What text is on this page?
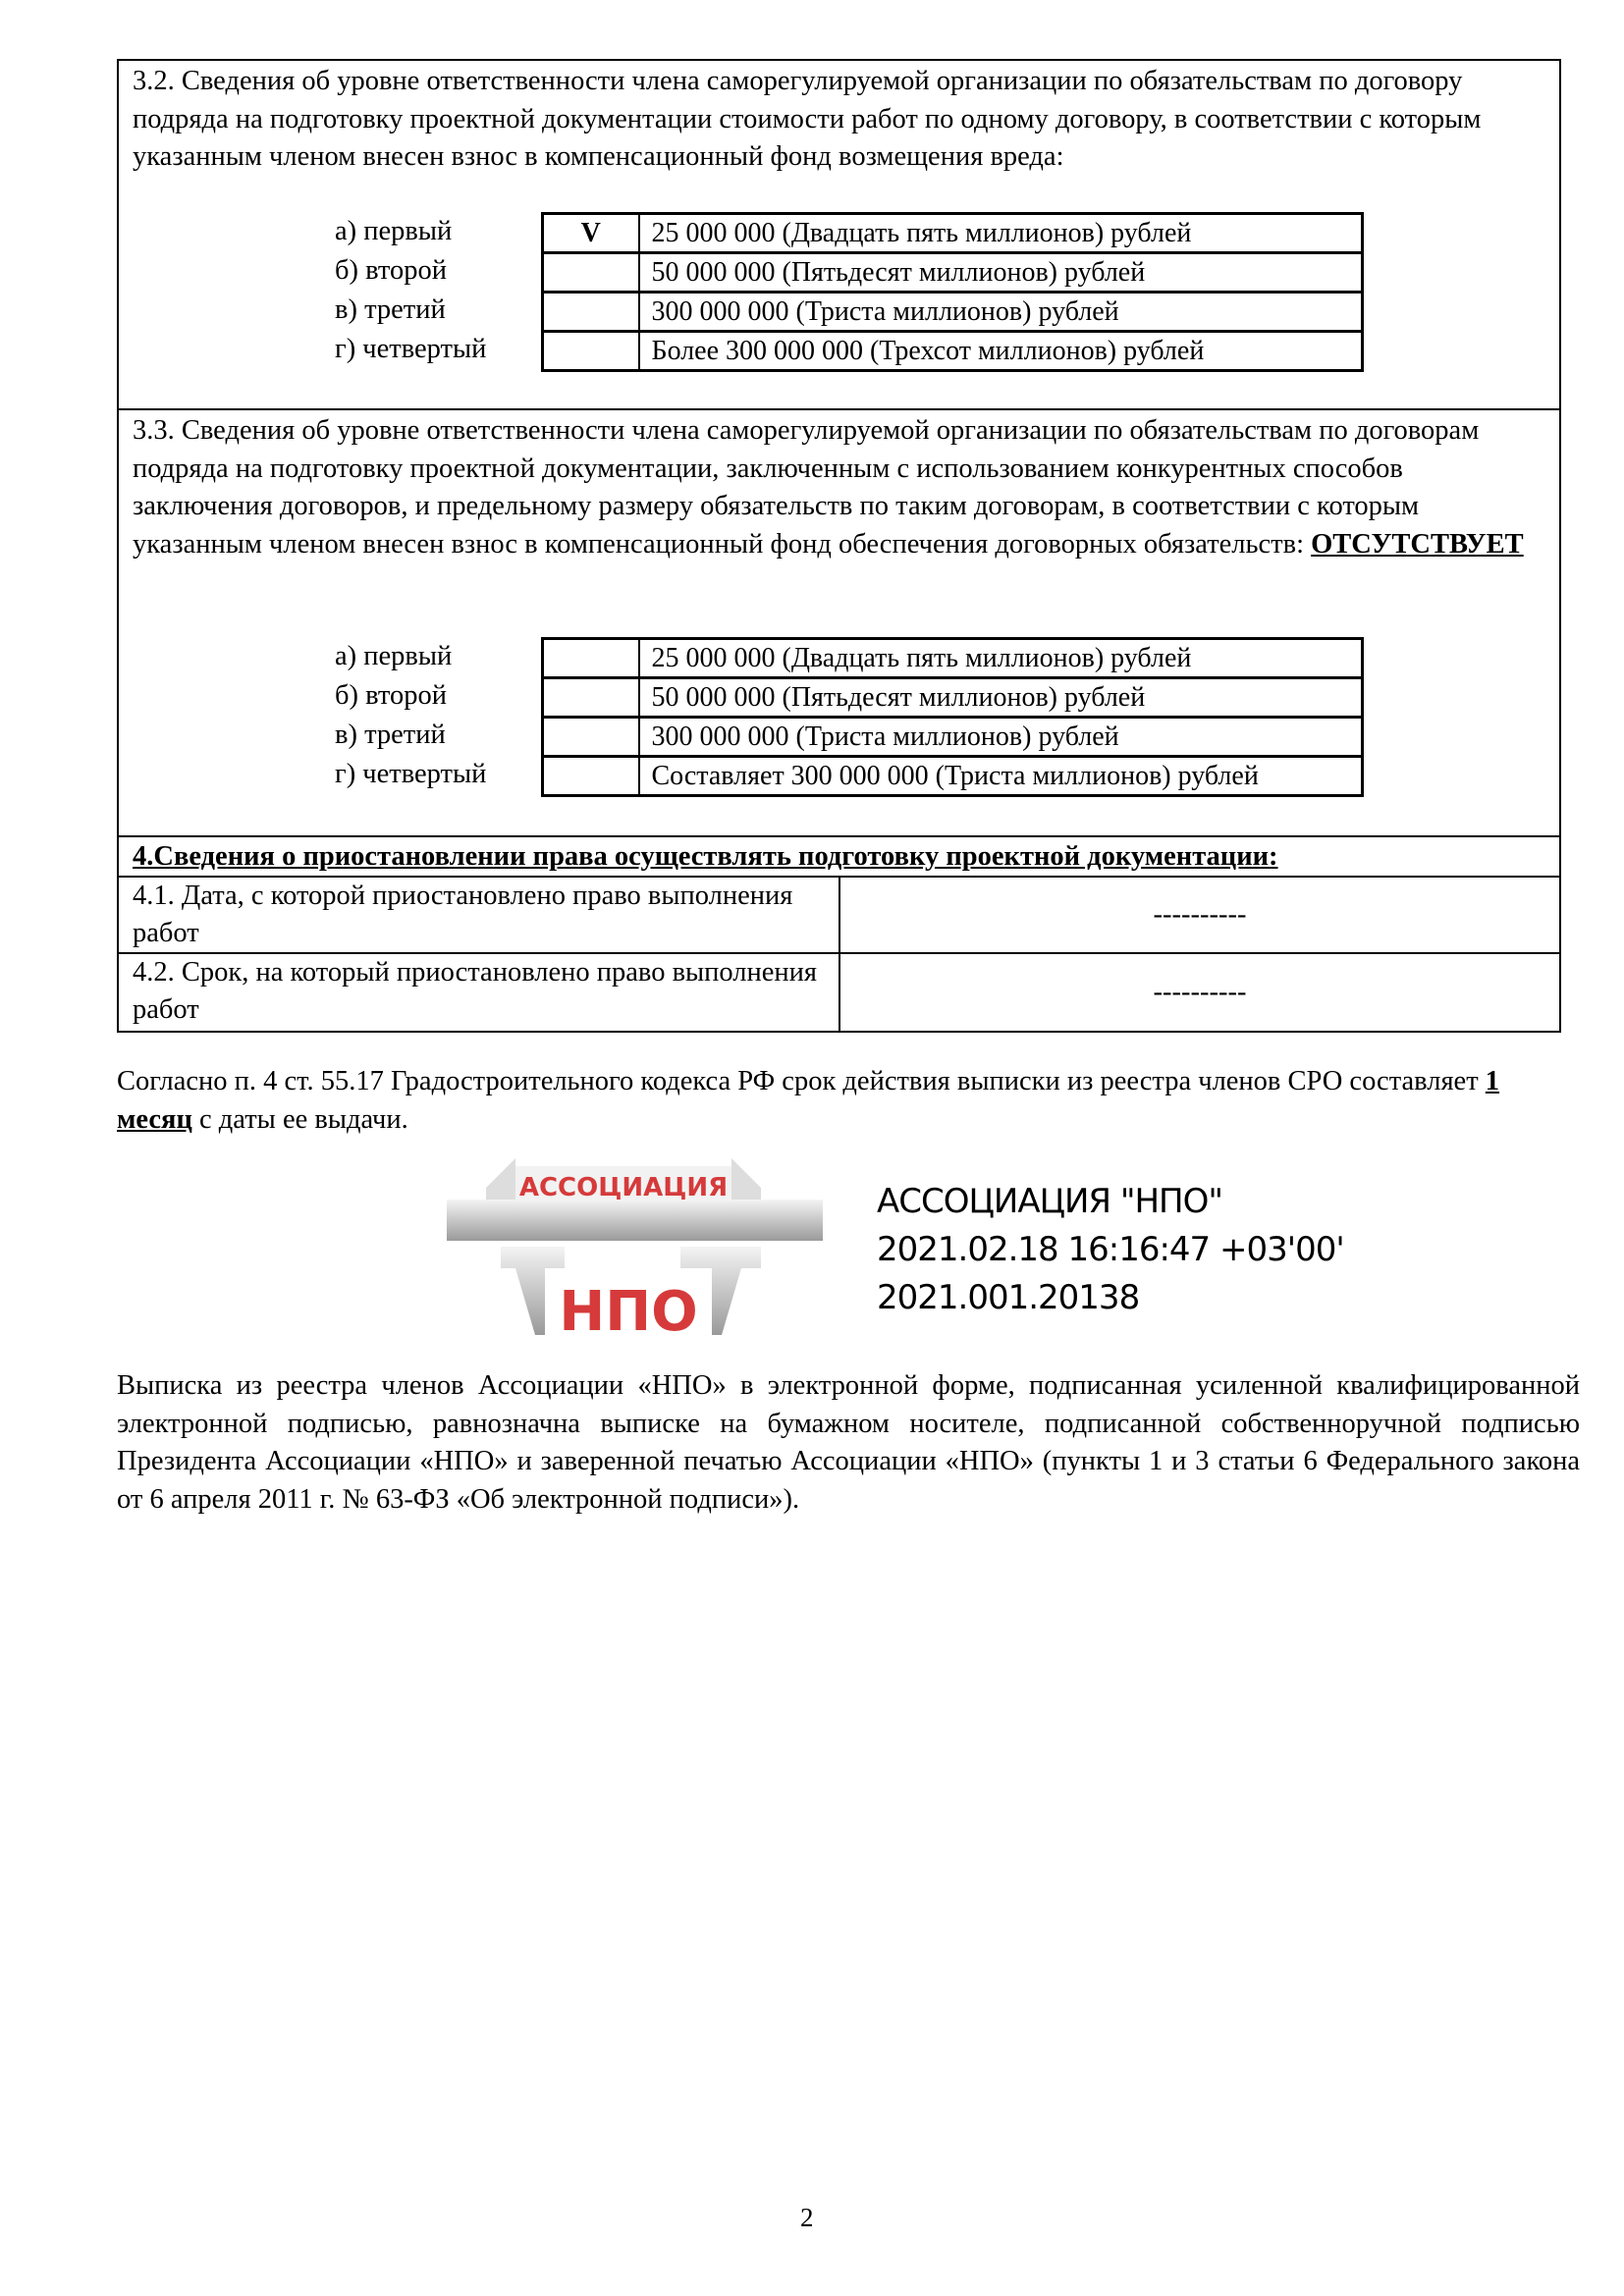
3.2. Сведения об уровне ответственности члена саморегулируемой организации по обязательствам по договору подряда на подготовку проектной документации стоимости работ по одному договору, в соответствии с которым указанным членом внесен взнос в компенсационный фонд возмещения вреда:
а) первый
б) второй
в) третий
г) четвертый
V	25 000 000 (Двадцать пять миллионов) рублей
	50 000 000 (Пятьдесят миллионов) рублей
	300 000 000 (Триста миллионов) рублей
	Более 300 000 000 (Трехсот миллионов) рублей
3.3. Сведения об уровне ответственности члена саморегулируемой организации по обязательствам по договорам подряда на подготовку проектной документации, заключенным с использованием конкурентных способов заключения договоров, и предельному размеру обязательств по таким договорам, в соответствии с которым указанным членом внесен взнос в компенсационный фонд обеспечения договорных обязательств: ОТСУТСТВУЕТ
а) первый
б) второй
в) третий
г) четвертый
	25 000 000 (Двадцать пять миллионов) рублей
	50 000 000 (Пятьдесят миллионов) рублей
	300 000 000 (Триста миллионов) рублей
	Составляет 300 000 000 (Триста миллионов) рублей
4.Сведения о приостановлении права осуществлять подготовку проектной документации:
4.1. Дата, с которой приостановлено право выполнения работ
----------
4.2. Срок, на который приостановлено право выполнения работ
----------
Согласно п. 4 ст. 55.17 Градостроительного кодекса РФ срок действия выписки из реестра членов СРО составляет 1 месяц с даты ее выдачи.
АССОЦИАЦИЯ
НПО
АССОЦИАЦИЯ "НПО"
2021.02.18 16:16:47 +03'00'
2021.001.20138
Выписка из реестра членов Ассоциации «НПО» в электронной форме, подписанная усиленной квалифицированной электронной подписью, равнозначна выписке на бумажном носителе, подписанной собственноручной подписью Президента Ассоциации «НПО» и заверенной печатью Ассоциации «НПО» (пункты 1 и 3 статьи 6 Федерального закона от 6 апреля 2011 г. № 63-ФЗ «Об электронной подписи»).
2
